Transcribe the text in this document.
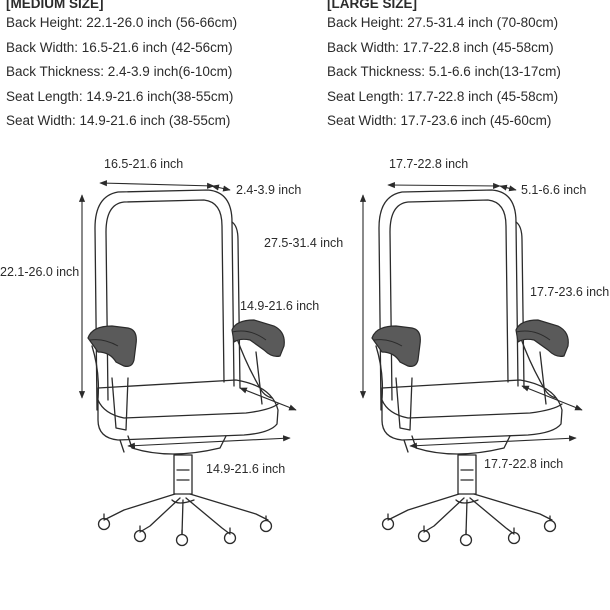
[MEDIUM SIZE]
Back Height: 22.1-26.0 inch (56-66cm)
Back Width: 16.5-21.6 inch (42-56cm)
Back Thickness: 2.4-3.9 inch(6-10cm)
Seat Length: 14.9-21.6 inch(38-55cm)
Seat Width: 14.9-21.6 inch (38-55cm)
[LARGE SIZE]
Back Height: 27.5-31.4 inch (70-80cm)
Back Width: 17.7-22.8 inch (45-58cm)
Back Thickness: 5.1-6.6 inch(13-17cm)
Seat Length: 17.7-22.8 inch (45-58cm)
Seat Width: 17.7-23.6 inch (45-60cm)
16.5-21.6 inch
2.4-3.9 inch
22.1-26.0 inch
14.9-21.6 inch
14.9-21.6 inch
17.7-22.8 inch
5.1-6.6 inch
27.5-31.4 inch
17.7-23.6 inch
17.7-22.8 inch
